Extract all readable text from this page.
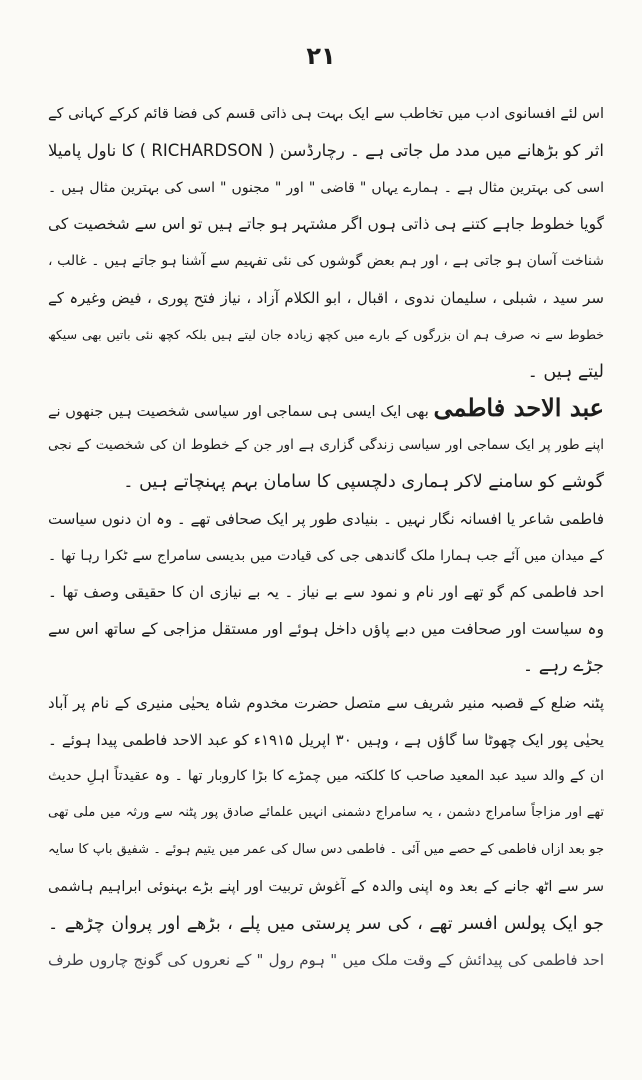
۲۱
اس لئے افسانوی ادب میں تخاطب سے ایک بہت ہی ذاتی قسم کی فضا قائم کرکے کہانی کے
اثر کو بڑھانے میں مدد مل جاتی ہے ۔ رچارڈسن ( RICHARDSON ) کا ناول پامیلا
اسی کی بہترین مثال ہے ۔ ہمارے یہاں " قاضی " اور " مجنوں " اسی کی بہترین مثال ہیں ۔
گویا خطوط جاہے کتنے ہی ذاتی ہوں اگر مشتہر ہو جاتے ہیں تو اس سے شخصیت کی
شناخت آسان ہو جاتی ہے ، اور ہم بعض گوشوں کی نئی تفہیم سے آشنا ہو جاتے ہیں ۔ غالب ،
سر سید ، شبلی ، سلیمان ندوی ، اقبال ، ابو الکلام آزاد ، نیاز فتح پوری ، فیض وغیرہ کے
خطوط سے نہ صرف ہم ان بزرگوں کے بارے میں کچھ زیادہ جان لیتے ہیں بلکہ کچھ نئی باتیں بھی سیکھ
لیتے ہیں ۔
عبد الاحد فاطمی بھی ایک ایسی ہی سماجی اور سیاسی شخصیت ہیں جنھوں نے
اپنے طور پر ایک سماجی اور سیاسی زندگی گزاری ہے اور جن کے خطوط ان کی شخصیت کے نجی
گوشے کو سامنے لاکر ہماری دلچسپی کا سامان بہم پہنچاتے ہیں ۔
فاطمی شاعر یا افسانہ نگار نہیں ۔ بنیادی طور پر ایک صحافی تھے ۔ وہ ان دنوں سیاست
کے میدان میں آئے جب ہمارا ملک گاندھی جی کی قیادت میں بدیسی سامراج سے ٹکرا رہا تھا ۔
احد فاطمی کم گو تھے اور نام و نمود سے بے نیاز ۔ یہ بے نیازی ان کا حقیقی وصف تھا ۔
وہ سیاست اور صحافت میں دبے پاؤں داخل ہوئے اور مستقل مزاجی کے ساتھ اس سے
جڑے رہے ۔
پٹنہ ضلع کے قصبہ منیر شریف سے متصل حضرت مخدوم شاہ یحیٰی منیری کے نام پر آباد
یحیٰی پور ایک چھوٹا سا گاؤں ہے ، وہیں ۳۰ اپریل ۱۹۱۵ء کو عبد الاحد فاطمی پیدا ہوئے ۔
ان کے والد سید عبد المعید صاحب کا کلکتہ میں چمڑے کا بڑا کاروبار تھا ۔ وہ عقیدتاً اہلِ حدیث
تھے اور مزاجاً سامراج دشمن ، یہ سامراج دشمنی انہیں علمائے صادق پور پٹنہ سے ورثہ میں ملی تھی
جو بعد ازاں فاطمی کے حصے میں آئی ۔ فاطمی دس سال کی عمر میں یتیم ہوئے ۔ شفیق باپ کا سایہ
سر سے اٹھ جانے کے بعد وہ اپنی والدہ کے آغوش تربیت اور اپنے بڑے بہنوئی ابراہیم ہاشمی
جو ایک پولس افسر تھے ، کی سر پرستی میں پلے ، بڑھے اور پروان چڑھے ۔
احد فاطمی کی پیدائش کے وقت ملک میں " ہوم رول " کے نعروں کی گونج چاروں طرف
